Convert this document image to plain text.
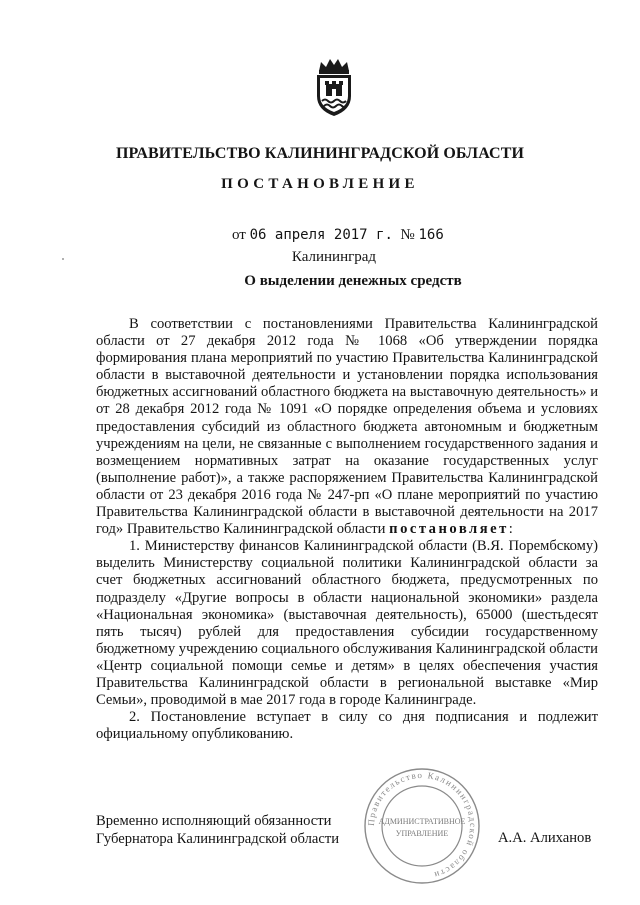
ПРАВИТЕЛЬСТВО КАЛИНИНГРАДСКОЙ ОБЛАСТИ
ПОСТАНОВЛЕНИЕ
от 06 апреля 2017 г. № 166
Калининград
О выделении денежных средств

В соответствии с постановлениями Правительства Калининградской области от 27 декабря 2012 года № 1068 «Об утверждении порядка формирования плана мероприятий по участию Правительства Калининградской области в выставочной деятельности и установлении порядка использования бюджетных ассигнований областного бюджета на выставочную деятельность» и от 28 декабря 2012 года № 1091 «О порядке определения объема и условиях предоставления субсидий из областного бюджета автономным и бюджетным учреждениям на цели, не связанные с выполнением государственного задания и возмещением нормативных затрат на оказание государственных услуг (выполнение работ)», а также распоряжением Правительства Калининградской области от 23 декабря 2016 года № 247-рп «О плане мероприятий по участию Правительства Калининградской области в выставочной деятельности на 2017 год» Правительство Калининградской области постановляет:

1. Министерству финансов Калининградской области (В.Я. Порембскому) выделить Министерству социальной политики Калининградской области за счет бюджетных ассигнований областного бюджета, предусмотренных по подразделу «Другие вопросы в области национальной экономики» раздела «Национальная экономика» (выставочная деятельность), 65000 (шестьдесят пять тысяч) рублей для предоставления субсидии государственному бюджетному учреждению социального обслуживания Калининградской области «Центр социальной помощи семье и детям» в целях обеспечения участия Правительства Калининградской области в региональной выставке «Мир Семьи», проводимой в мае 2017 года в городе Калининграде.

2. Постановление вступает в силу со дня подписания и подлежит официальному опубликованию.

Временно исполняющий обязанности
Губернатора Калининградской области
Правительство Калининградской области
АДМИНИСТРАТИВНОЕ
УПРАВЛЕНИЕ	А.А. Алиханов
